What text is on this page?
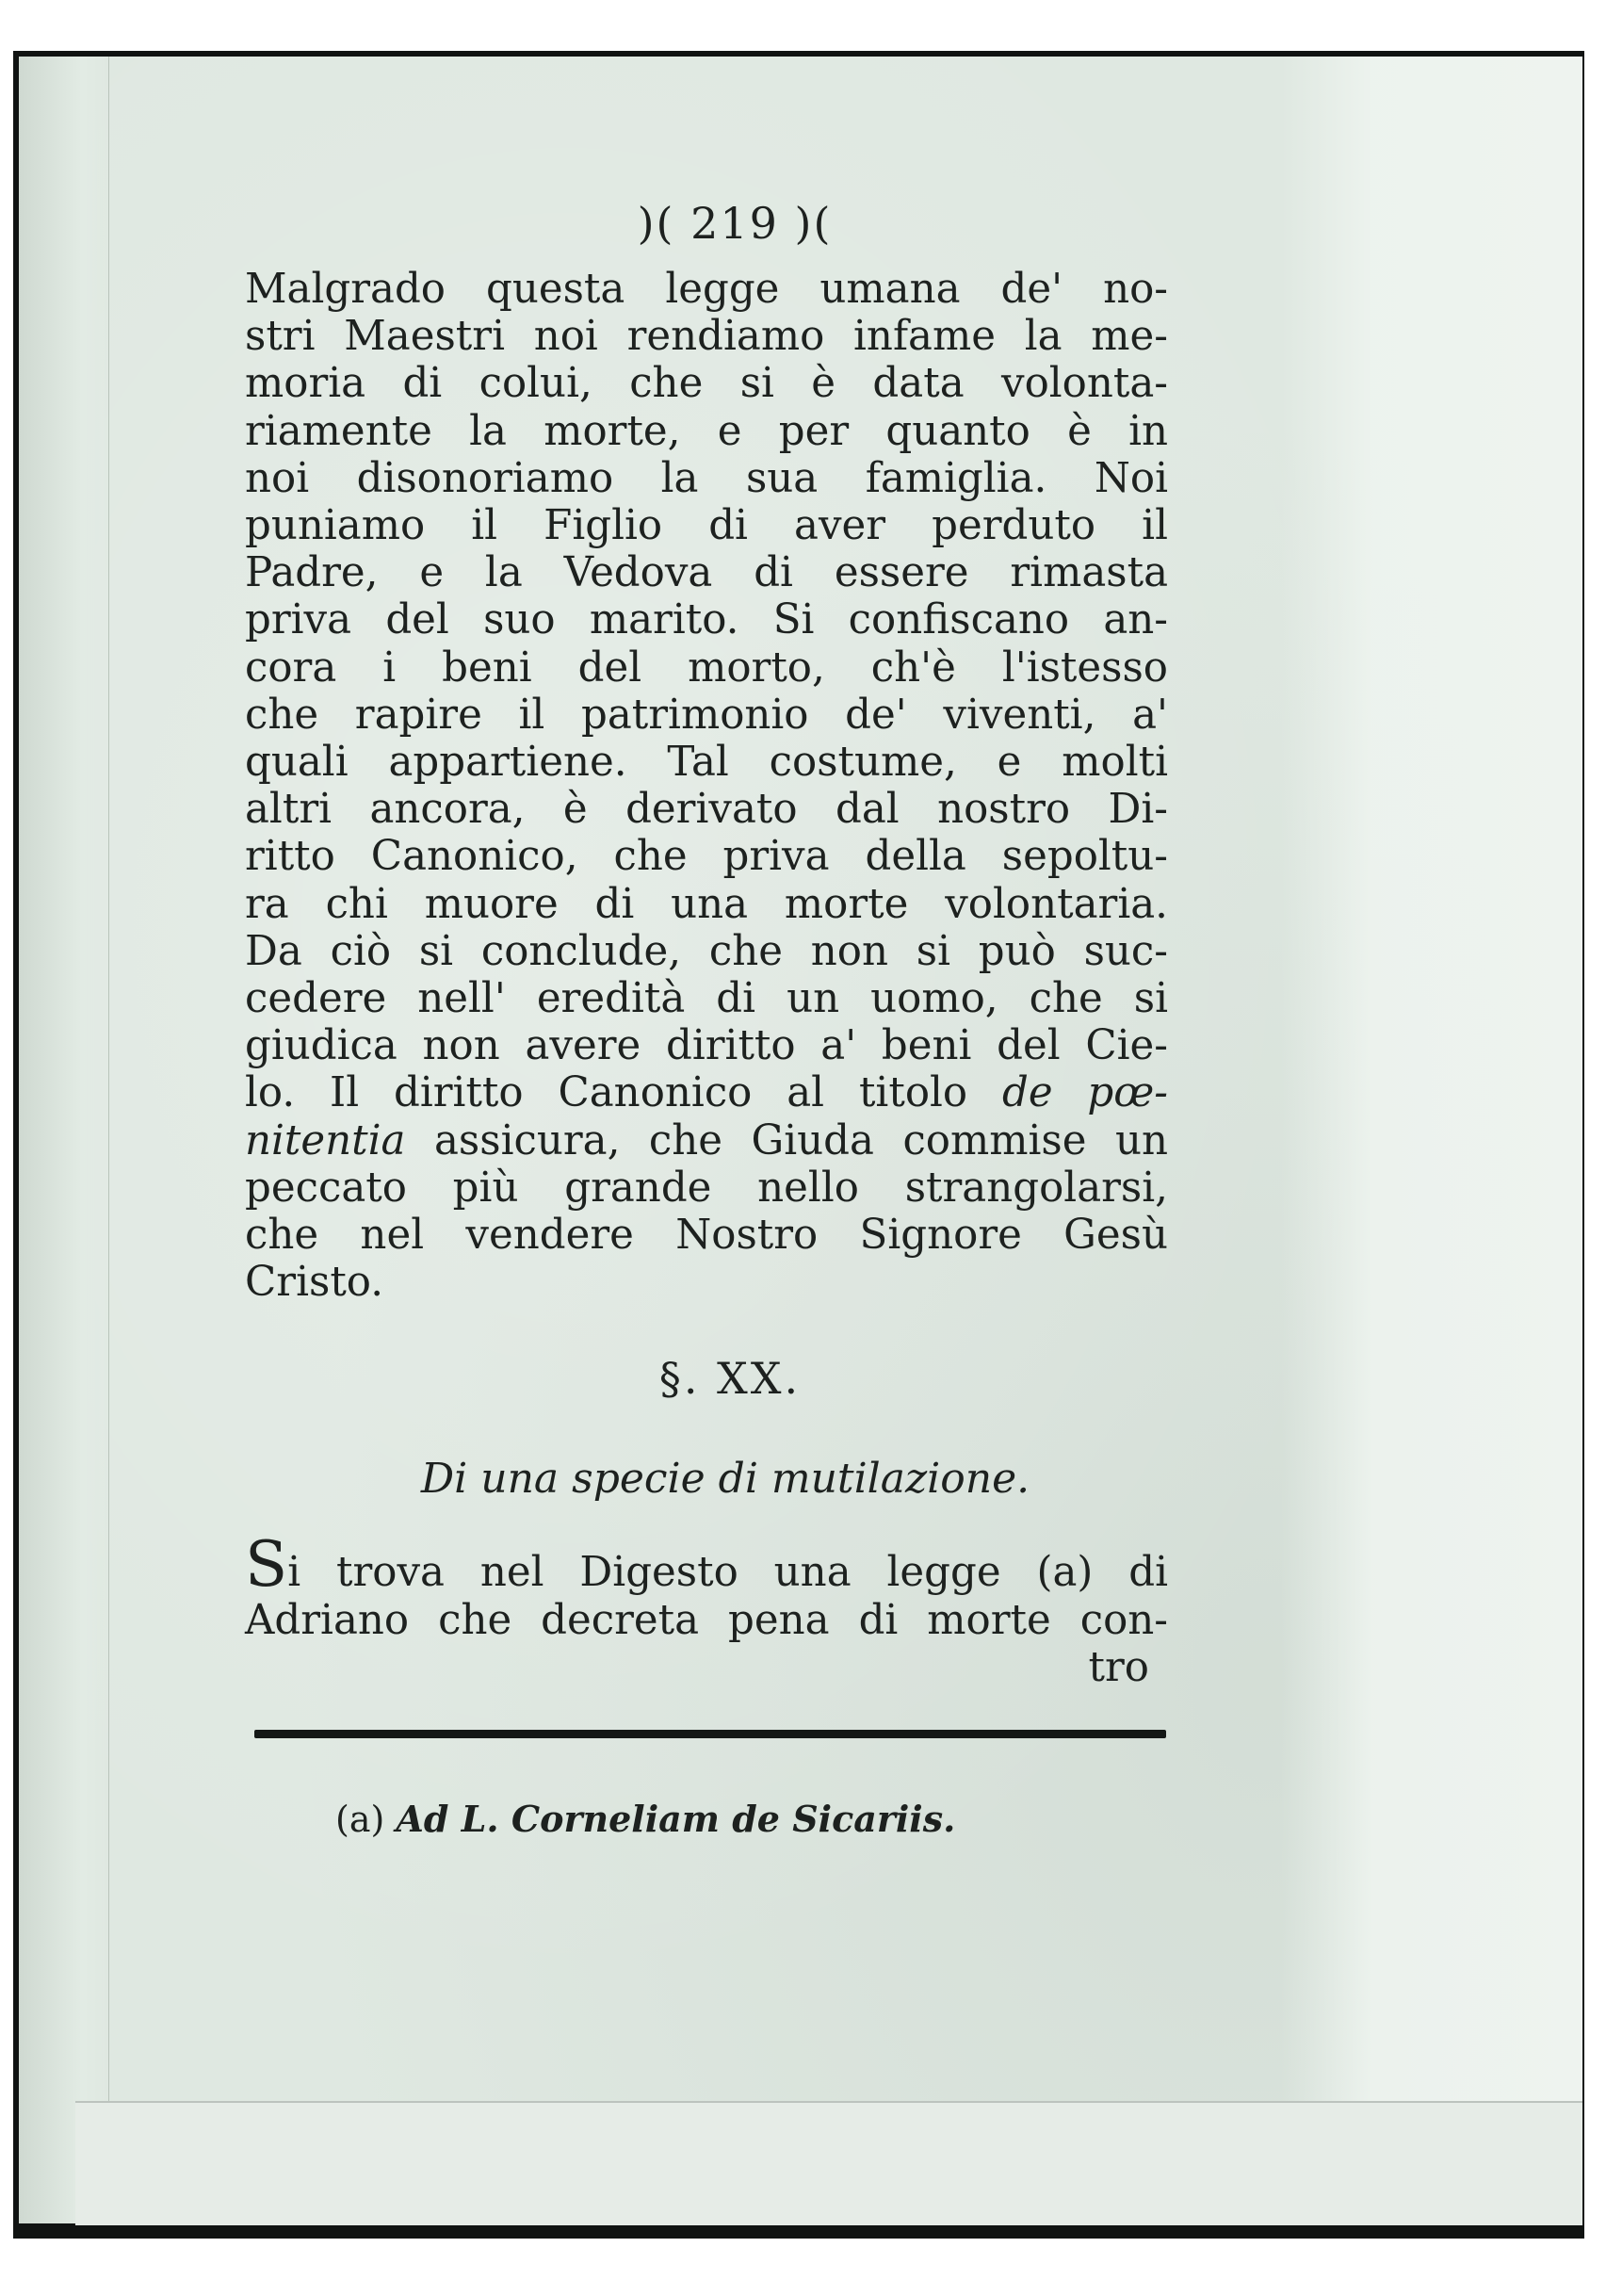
)( 219 )(

Malgrado questa legge umana de' no-
stri Maestri noi rendiamo infame la me-
moria di colui, che si è data volonta-
riamente la morte, e per quanto è in
noi disonoriamo la sua famiglia. Noi
puniamo il Figlio di aver perduto il
Padre, e la Vedova di essere rimasta
priva del suo marito. Si confiscano an-
cora i beni del morto, ch'è l'istesso
che rapire il patrimonio de' viventi, a'
quali appartiene. Tal costume, e molti
altri ancora, è derivato dal nostro Di-
ritto Canonico, che priva della sepoltu-
ra chi muore di una morte volontaria.
Da ciò si conclude, che non si può suc-
cedere nell' eredità di un uomo, che si
giudica non avere diritto a' beni del Cie-
lo. Il diritto Canonico al titolo de pœ-
nitentia assicura, che Giuda commise un
peccato più grande nello strangolarsi,
che nel vendere Nostro Signore Gesù
Cristo.

§. XX.
Di una specie di mutilazione.

Si trova nel Digesto una legge (a) di
Adriano che decreta pena di morte con-
tro

(a) Ad L. Corneliam de Sicariis.
